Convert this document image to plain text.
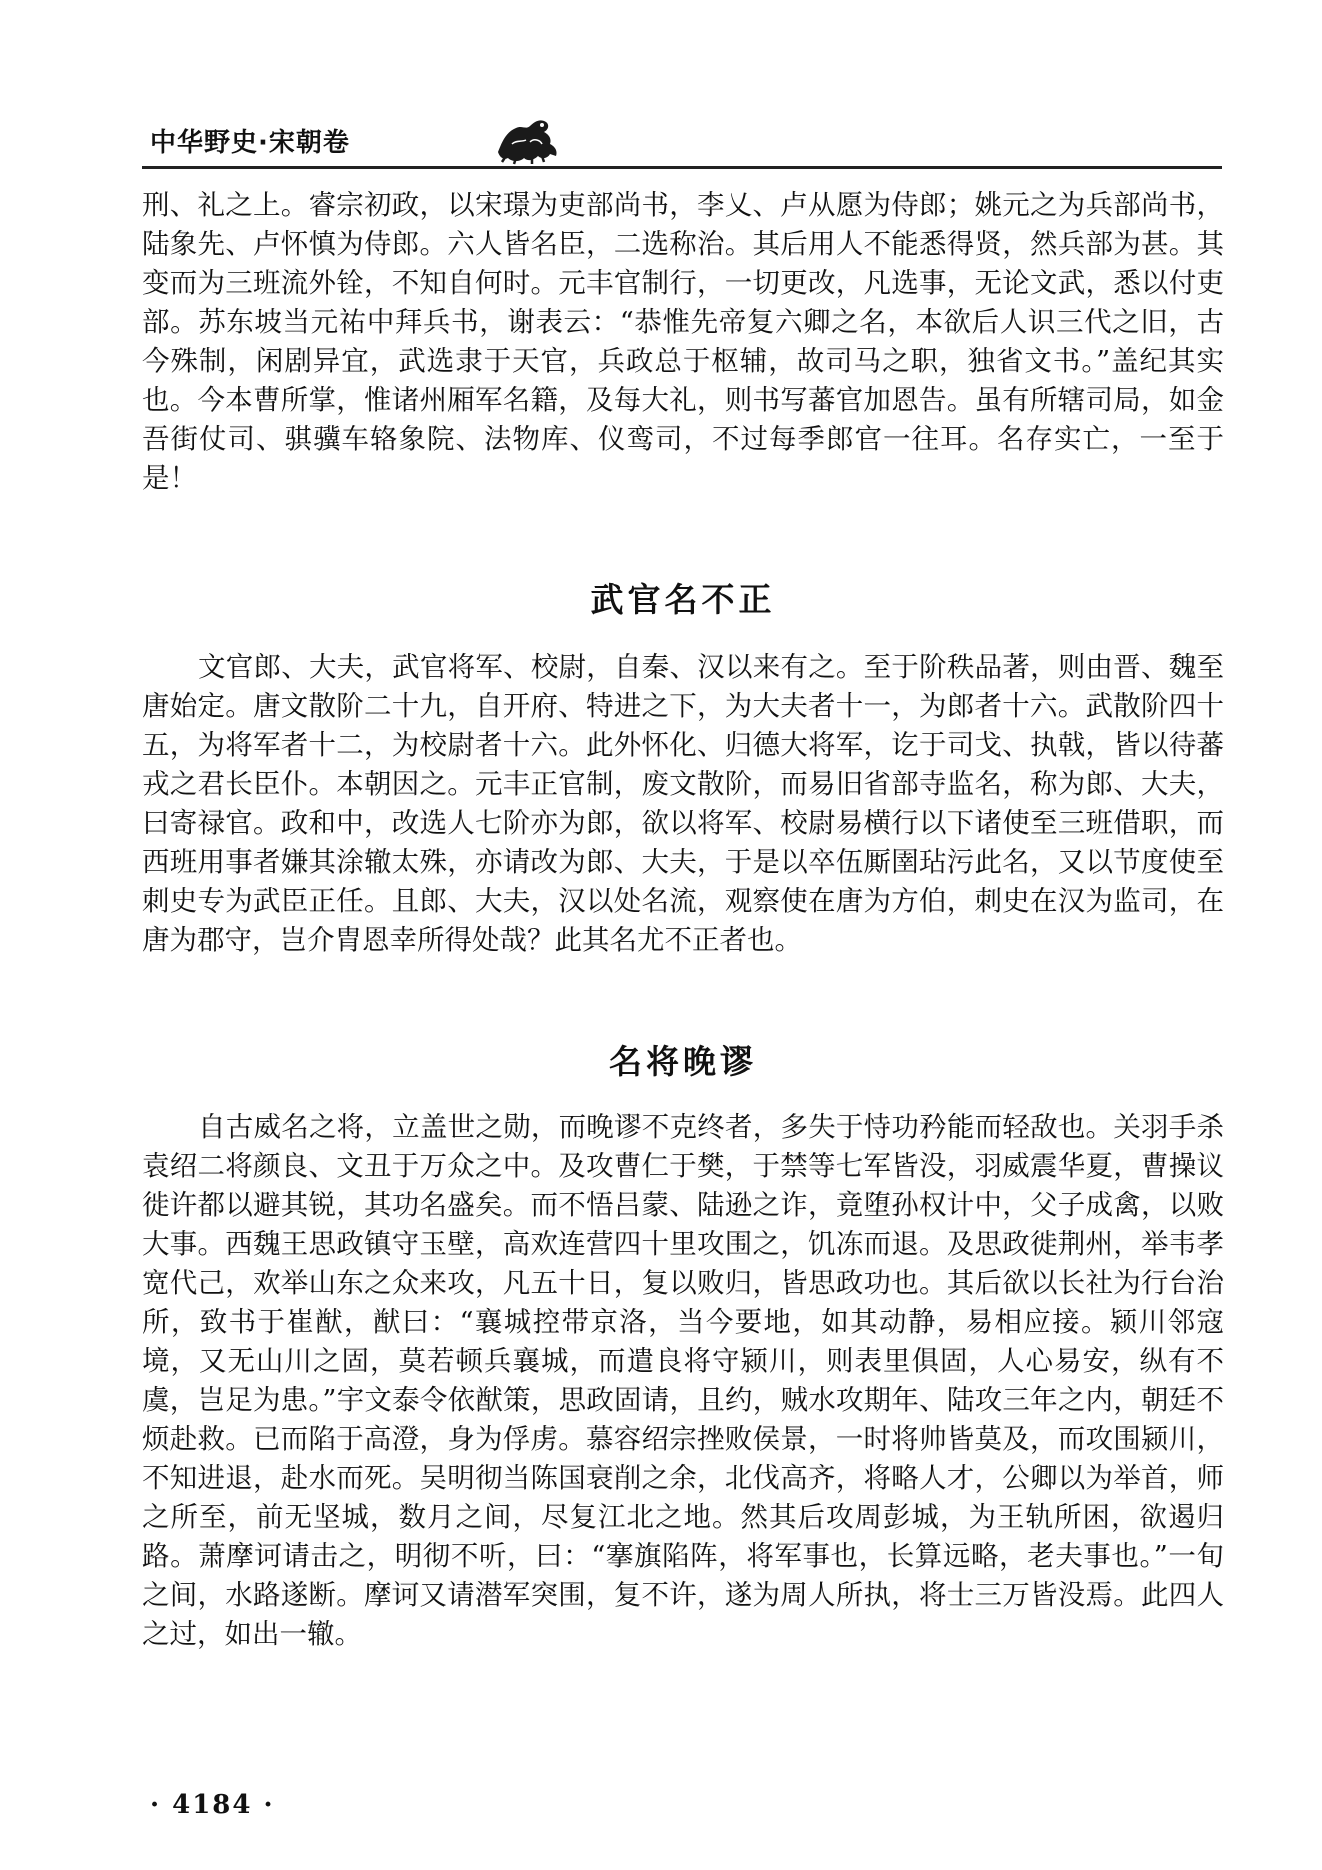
中华野史·宋朝卷

刑、礼之上。睿宗初政，以宋璟为吏部尚书，李乂、卢从愿为侍郎；姚元之为兵部尚书，陆象先、卢怀慎为侍郎。六人皆名臣，二选称治。其后用人不能悉得贤，然兵部为甚。其变而为三班流外铨，不知自何时。元丰官制行，一切更改，凡选事，无论文武，悉以付吏部。苏东坡当元祐中拜兵书，谢表云：“恭惟先帝复六卿之名，本欲后人识三代之旧，古今殊制，闲剧异宜，武选隶于天官，兵政总于枢辅，故司马之职，独省文书。”盖纪其实也。今本曹所掌，惟诸州厢军名籍，及每大礼，则书写蕃官加恩告。虽有所辖司局，如金吾街仗司、骐骥车辂象院、法物库、仪鸾司，不过每季郎官一往耳。名存实亡，一至于是！

武官名不正

文官郎、大夫，武官将军、校尉，自秦、汉以来有之。至于阶秩品著，则由晋、魏至唐始定。唐文散阶二十九，自开府、特进之下，为大夫者十一，为郎者十六。武散阶四十五，为将军者十二，为校尉者十六。此外怀化、归德大将军，讫于司戈、执戟，皆以待蕃戎之君长臣仆。本朝因之。元丰正官制，废文散阶，而易旧省部寺监名，称为郎、大夫，曰寄禄官。政和中，改选人七阶亦为郎，欲以将军、校尉易横行以下诸使至三班借职，而西班用事者嫌其涂辙太殊，亦请改为郎、大夫，于是以卒伍厮圉玷污此名，又以节度使至刺史专为武臣正任。且郎、大夫，汉以处名流，观察使在唐为方伯，刺史在汉为监司，在唐为郡守，岂介胄恩幸所得处哉？此其名尤不正者也。

名将晚谬

自古威名之将，立盖世之勋，而晚谬不克终者，多失于恃功矜能而轻敌也。关羽手杀袁绍二将颜良、文丑于万众之中。及攻曹仁于樊，于禁等七军皆没，羽威震华夏，曹操议徙许都以避其锐，其功名盛矣。而不悟吕蒙、陆逊之诈，竟堕孙权计中，父子成禽，以败大事。西魏王思政镇守玉壁，高欢连营四十里攻围之，饥冻而退。及思政徙荆州，举韦孝宽代己，欢举山东之众来攻，凡五十日，复以败归，皆思政功也。其后欲以长社为行台治所，致书于崔猷，猷曰：“襄城控带京洛，当今要地，如其动静，易相应接。颍川邻寇境，又无山川之固，莫若顿兵襄城，而遣良将守颍川，则表里俱固，人心易安，纵有不虞，岂足为患。”宇文泰令依猷策，思政固请，且约，贼水攻期年、陆攻三年之内，朝廷不烦赴救。已而陷于高澄，身为俘虏。慕容绍宗挫败侯景，一时将帅皆莫及，而攻围颍川，不知进退，赴水而死。吴明彻当陈国衰削之余，北伐高齐，将略人才，公卿以为举首，师之所至，前无坚城，数月之间，尽复江北之地。然其后攻周彭城，为王轨所困，欲遏归路。萧摩诃请击之，明彻不听，曰：“搴旗陷阵，将军事也，长算远略，老夫事也。”一旬之间，水路遂断。摩诃又请潜军突围，复不许，遂为周人所执，将士三万皆没焉。此四人之过，如出一辙。

· 4184 ·
